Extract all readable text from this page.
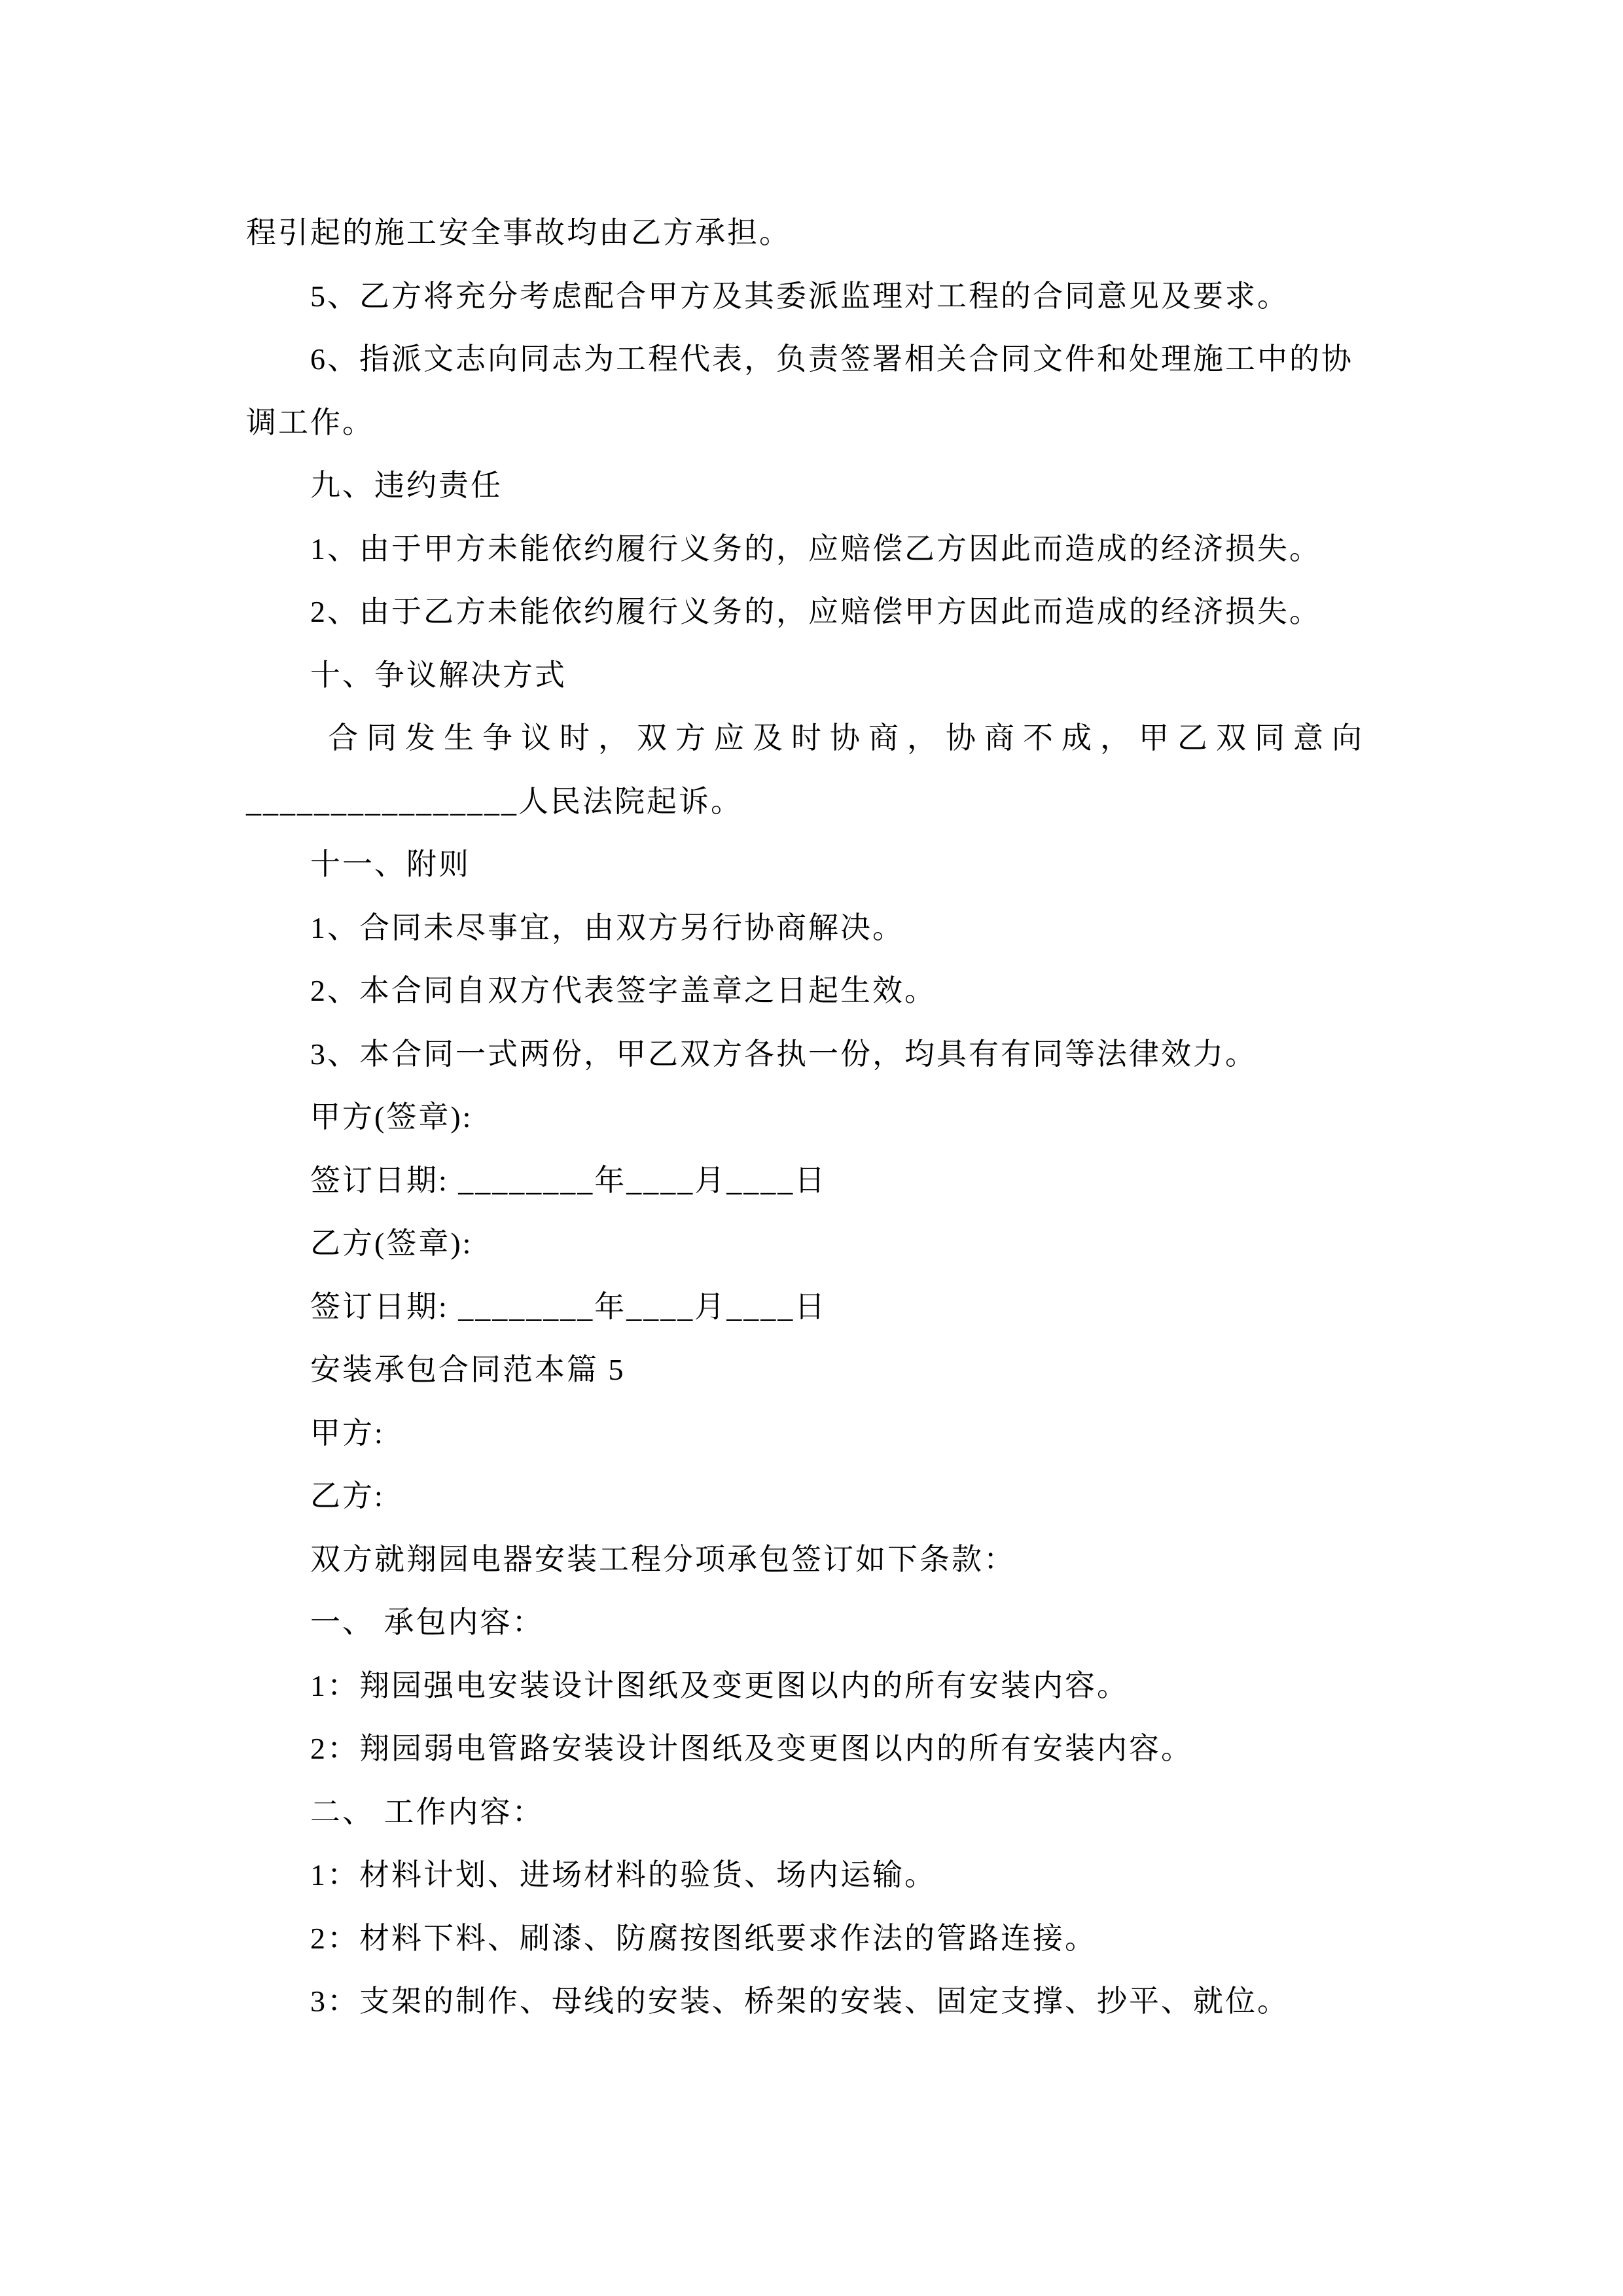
程引起的施工安全事故均由乙方承担。
5、乙方将充分考虑配合甲方及其委派监理对工程的合同意见及要求。
6、指派文志向同志为工程代表，负责签署相关合同文件和处理施工中的协
调工作。
九、违约责任
1、由于甲方未能依约履行义务的，应赔偿乙方因此而造成的经济损失。
2、由于乙方未能依约履行义务的，应赔偿甲方因此而造成的经济损失。
十、争议解决方式
合同发生争议时，双方应及时协商，协商不成，甲乙双同意向
________________人民法院起诉。
十一、附则
1、合同未尽事宜，由双方另行协商解决。
2、本合同自双方代表签字盖章之日起生效。
3、本合同一式两份，甲乙双方各执一份，均具有有同等法律效力。
甲方(签章):
签订日期: ________年____月____日
乙方(签章):
签订日期: ________年____月____日
安装承包合同范本篇 5
甲方:
乙方:
双方就翔园电器安装工程分项承包签订如下条款：
一、 承包内容：
1：翔园强电安装设计图纸及变更图以内的所有安装内容。
2：翔园弱电管路安装设计图纸及变更图以内的所有安装内容。
二、 工作内容：
1：材料计划、进场材料的验货、场内运输。
2：材料下料、刷漆、防腐按图纸要求作法的管路连接。
3：支架的制作、母线的安装、桥架的安装、固定支撑、抄平、就位。
